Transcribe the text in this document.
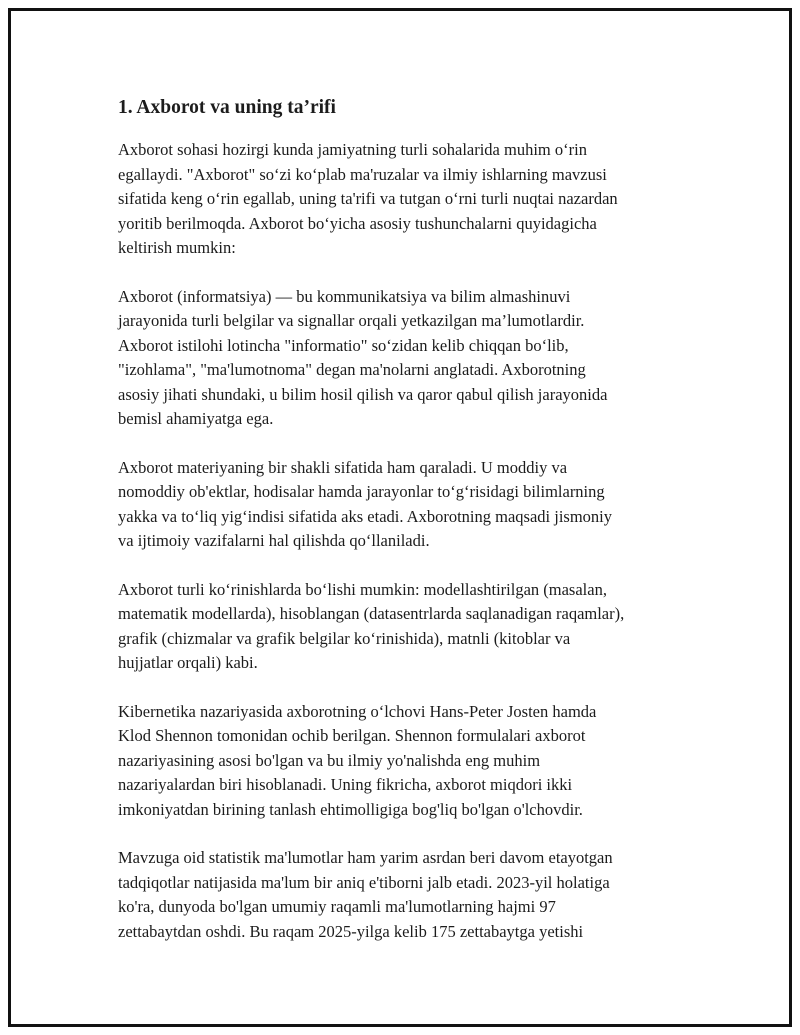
1. Axborot va uning ta’rifi

Axborot sohasi hozirgi kunda jamiyatning turli sohalarida muhim oʻrin
egallaydi. "Axborot" soʻzi koʻplab ma'ruzalar va ilmiy ishlarning mavzusi
sifatida keng oʻrin egallab, uning ta'rifi va tutgan oʻrni turli nuqtai nazardan
yoritib berilmoqda. Axborot boʻyicha asosiy tushunchalarni quyidagicha
keltirish mumkin:

Axborot (informatsiya) — bu kommunikatsiya va bilim almashinuvi
jarayonida turli belgilar va signallar orqali yetkazilgan ma’lumotlardir.
Axborot istilohi lotincha "informatio" soʻzidan kelib chiqqan boʻlib,
"izohlama", "ma'lumotnoma" degan ma'nolarni anglatadi. Axborotning
asosiy jihati shundaki, u bilim hosil qilish va qaror qabul qilish jarayonida
bemisl ahamiyatga ega.

Axborot materiyaning bir shakli sifatida ham qaraladi. U moddiy va
nomoddiy ob'ektlar, hodisalar hamda jarayonlar toʻgʻrisidagi bilimlarning
yakka va toʻliq yigʻindisi sifatida aks etadi. Axborotning maqsadi jismoniy
va ijtimoiy vazifalarni hal qilishda qoʻllaniladi.

Axborot turli koʻrinishlarda boʻlishi mumkin: modellashtirilgan (masalan,
matematik modellarda), hisoblangan (datasentrlarda saqlanadigan raqamlar),
grafik (chizmalar va grafik belgilar koʻrinishida), matnli (kitoblar va
hujjatlar orqali) kabi.

Kibernetika nazariyasida axborotning oʻlchovi Hans-Peter Josten hamda
Klod Shennon tomonidan ochib berilgan. Shennon formulalari axborot
nazariyasining asosi bo'lgan va bu ilmiy yo'nalishda eng muhim
nazariyalardan biri hisoblanadi. Uning fikricha, axborot miqdori ikki
imkoniyatdan birining tanlash ehtimolligiga bog'liq bo'lgan o'lchovdir.

Mavzuga oid statistik ma'lumotlar ham yarim asrdan beri davom etayotgan
tadqiqotlar natijasida ma'lum bir aniq e'tiborni jalb etadi. 2023-yil holatiga
ko'ra, dunyoda bo'lgan umumiy raqamli ma'lumotlarning hajmi 97
zettabaytdan oshdi. Bu raqam 2025-yilga kelib 175 zettabaytga yetishi
